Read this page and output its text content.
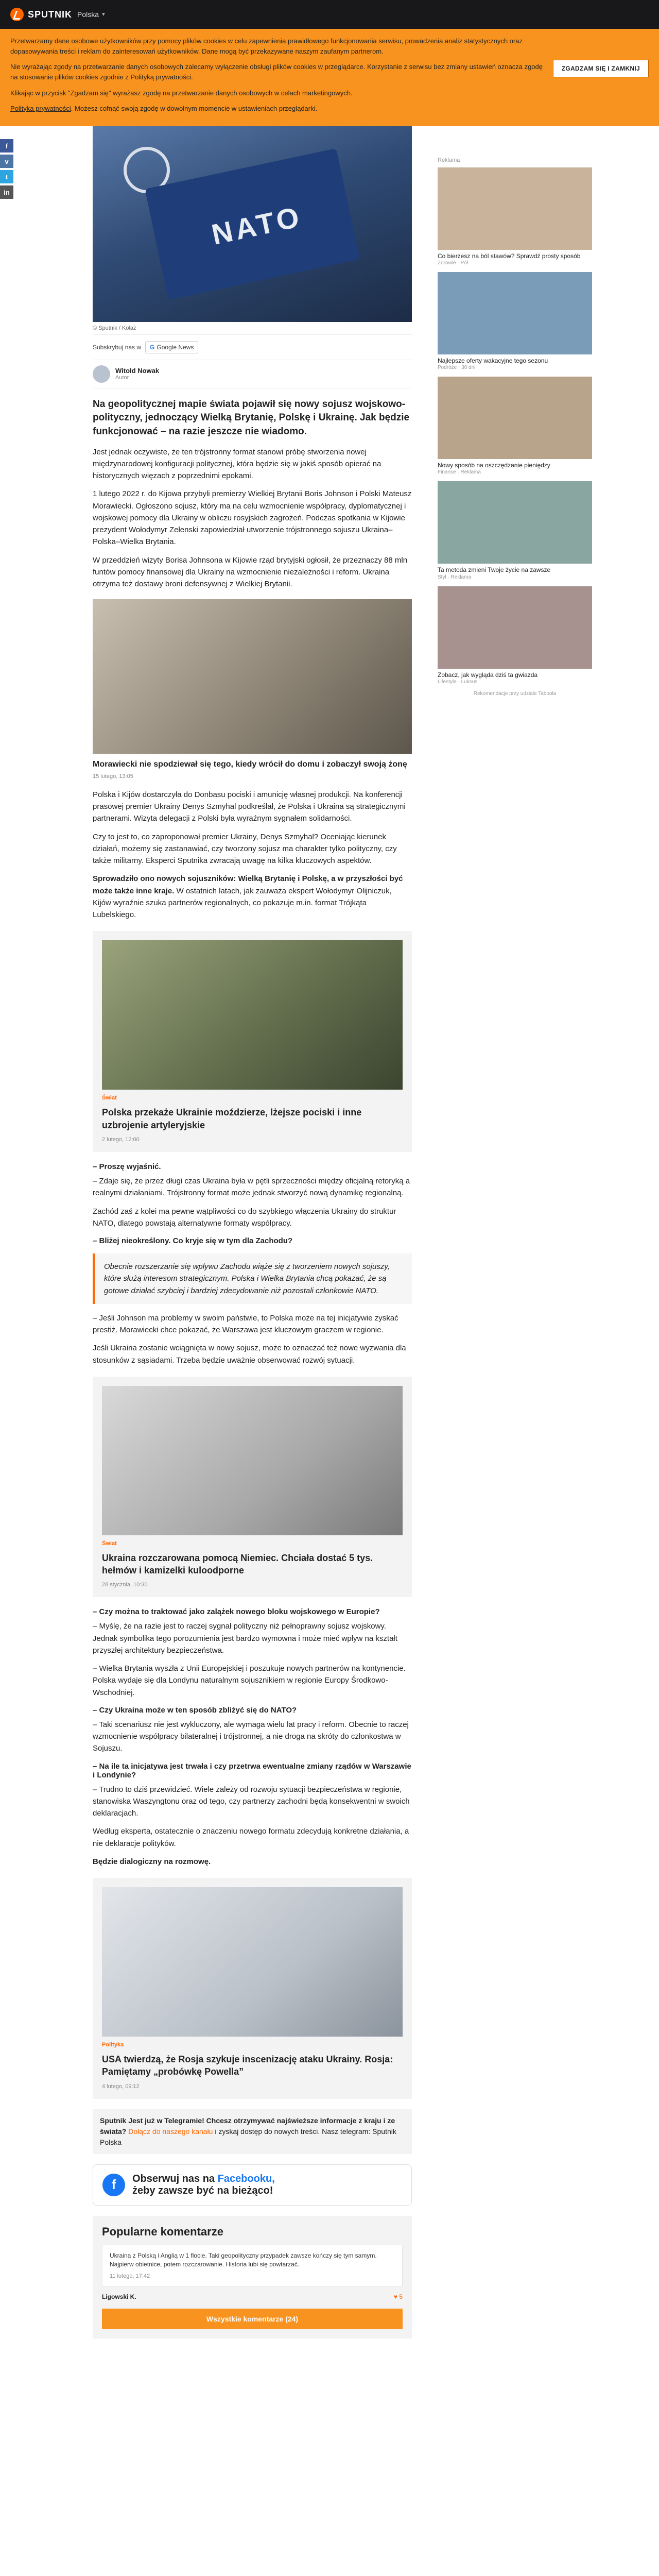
SPUTNIK Polska ▼

Przetwarzamy dane osobowe użytkowników przy pomocy plików cookies w celu zapewnienia prawidłowego funkcjonowania serwisu, prowadzenia analiz statystycznych oraz dopasowywania treści i reklam do zainteresowań użytkowników. Dane mogą być przekazywane naszym zaufanym partnerom.

Nie wyrażając zgody na przetwarzanie danych osobowych zalecamy wyłączenie obsługi plików cookies w przeglądarce. Korzystanie z serwisu bez zmiany ustawień oznacza zgodę na stosowanie plików cookies zgodnie z Polityką prywatności.

Klikając w przycisk "Zgadzam się" wyrażasz zgodę na przetwarzanie danych osobowych w celach marketingowych.

Polityka prywatności. Możesz cofnąć swoją zgodę w dowolnym momencie w ustawieniach przeglądarki.

ZGADZAM SIĘ I ZAMKNIJ
f
v
t
in
NATO
© Sputnik / Kolaż
Subskrybuj nas w G Google News
Witold Nowak
Autor
Na geopolitycznej mapie świata pojawił się nowy sojusz wojskowo-polityczny, jednoczący Wielką Brytanię, Polskę i Ukrainę. Jak będzie funkcjonować – na razie jeszcze nie wiadomo.

Jest jednak oczywiste, że ten trójstronny format stanowi próbę stworzenia nowej międzynarodowej konfiguracji politycznej, która będzie się w jakiś sposób opierać na historycznych więzach z poprzednimi epokami.

1 lutego 2022 r. do Kijowa przybyli premierzy Wielkiej Brytanii Boris Johnson i Polski Mateusz Morawiecki. Ogłoszono sojusz, który ma na celu wzmocnienie współpracy, dyplomatycznej i wojskowej pomocy dla Ukrainy w obliczu rosyjskich zagrożeń. Podczas spotkania w Kijowie prezydent Wołodymyr Zełenski zapowiedział utworzenie trójstronnego sojuszu Ukraina–Polska–Wielka Brytania.

W przeddzień wizyty Borisa Johnsona w Kijowie rząd brytyjski ogłosił, że przeznaczy 88 mln funtów pomocy finansowej dla Ukrainy na wzmocnienie niezależności i reform. Ukraina otrzyma też dostawy broni defensywnej z Wielkiej Brytanii.

Morawiecki nie spodziewał się tego, kiedy wrócił do domu i zobaczył swoją żonę
15 lutego, 13:05

Polska i Kijów dostarczyła do Donbasu pociski i amunicję własnej produkcji. Na konferencji prasowej premier Ukrainy Denys Szmyhal podkreślał, że Polska i Ukraina są strategicznymi partnerami. Wizyta delegacji z Polski była wyraźnym sygnałem solidarności.

Czy to jest to, co zaproponował premier Ukrainy, Denys Szmyhal? Oceniając kierunek działań, możemy się zastanawiać, czy tworzony sojusz ma charakter tylko polityczny, czy także militarny. Eksperci Sputnika zwracają uwagę na kilka kluczowych aspektów.

Sprowadziło ono nowych sojuszników: Wielką Brytanię i Polskę, a w przyszłości być może także inne kraje. W ostatnich latach, jak zauważa ekspert Wołodymyr Olijniczuk, Kijów wyraźnie szuka partnerów regionalnych, co pokazuje m.in. format Trójkąta Lubelskiego.

Świat
Polska przekaże Ukrainie moździerze, lżejsze pociski i inne uzbrojenie artyleryjskie
2 lutego, 12:00
– Proszę wyjaśnić.

– Zdaje się, że przez długi czas Ukraina była w pętli sprzeczności między oficjalną retoryką a realnymi działaniami. Trójstronny format może jednak stworzyć nową dynamikę regionalną.

Zachód zaś z kolei ma pewne wątpliwości co do szybkiego włączenia Ukrainy do struktur NATO, dlatego powstają alternatywne formaty współpracy.

– Bliżej nieokreślony. Co kryje się w tym dla Zachodu?
Obecnie rozszerzanie się wpływu Zachodu wiąże się z tworzeniem nowych sojuszy, które służą interesom strategicznym. Polska i Wielka Brytania chcą pokazać, że są gotowe działać szybciej i bardziej zdecydowanie niż pozostali członkowie NATO.

– Jeśli Johnson ma problemy w swoim państwie, to Polska może na tej inicjatywie zyskać prestiż. Morawiecki chce pokazać, że Warszawa jest kluczowym graczem w regionie.

Jeśli Ukraina zostanie wciągnięta w nowy sojusz, może to oznaczać też nowe wyzwania dla stosunków z sąsiadami. Trzeba będzie uważnie obserwować rozwój sytuacji.

Świat
Ukraina rozczarowana pomocą Niemiec. Chciała dostać 5 tys. hełmów i kamizelki kuloodporne
28 stycznia, 10:30
– Czy można to traktować jako zalążek nowego bloku wojskowego w Europie?

– Myślę, że na razie jest to raczej sygnał polityczny niż pełnoprawny sojusz wojskowy. Jednak symbolika tego porozumienia jest bardzo wymowna i może mieć wpływ na kształt przyszłej architektury bezpieczeństwa.

– Wielka Brytania wyszła z Unii Europejskiej i poszukuje nowych partnerów na kontynencie. Polska wydaje się dla Londynu naturalnym sojusznikiem w regionie Europy Środkowo-Wschodniej.

– Czy Ukraina może w ten sposób zbliżyć się do NATO?

– Taki scenariusz nie jest wykluczony, ale wymaga wielu lat pracy i reform. Obecnie to raczej wzmocnienie współpracy bilateralnej i trójstronnej, a nie droga na skróty do członkostwa w Sojuszu.

– Na ile ta inicjatywa jest trwała i czy przetrwa ewentualne zmiany rządów w Warszawie i Londynie?

– Trudno to dziś przewidzieć. Wiele zależy od rozwoju sytuacji bezpieczeństwa w regionie, stanowiska Waszyngtonu oraz od tego, czy partnerzy zachodni będą konsekwentni w swoich deklaracjach.

Według eksperta, ostatecznie o znaczeniu nowego formatu zdecydują konkretne działania, a nie deklaracje polityków.

Będzie dialogiczny na rozmowę.

Polityka
USA twierdzą, że Rosja szykuje inscenizację ataku Ukrainy. Rosja: Pamiętamy „probówkę Powella”
4 lutego, 09:12
Sputnik Jest już w Telegramie! Chcesz otrzymywać najświeższe informacje z kraju i ze świata? Dołącz do naszego kanału i zyskaj dostęp do nowych treści. Nasz telegram: Sputnik Polska
f	Obserwuj nas na Facebooku,
żeby zawsze być na bieżąco!
Popularne komentarze
Ukraina z Polską i Anglią w 1 flocie. Taki geopolityczny przypadek zawsze kończy się tym samym. Najpierw obietnice, potem rozczarowanie. Historia lubi się powtarzać.
11 lutego, 17:42
Ligowski K.	♥ 5
Wszystkie komentarze (24)
Reklama
Co bierzesz na ból stawów? Sprawdź prosty sposób
Zdrowie · Pół
Najlepsze oferty wakacyjne tego sezonu
Podróże · 30 dni
Nowy sposób na oszczędzanie pieniędzy
Finanse · Reklama
Ta metoda zmieni Twoje życie na zawsze
Styl · Reklama
Zobacz, jak wygląda dziś ta gwiazda
Lifestyle · Luksus
Rekomendacje przy udziale Taboola
